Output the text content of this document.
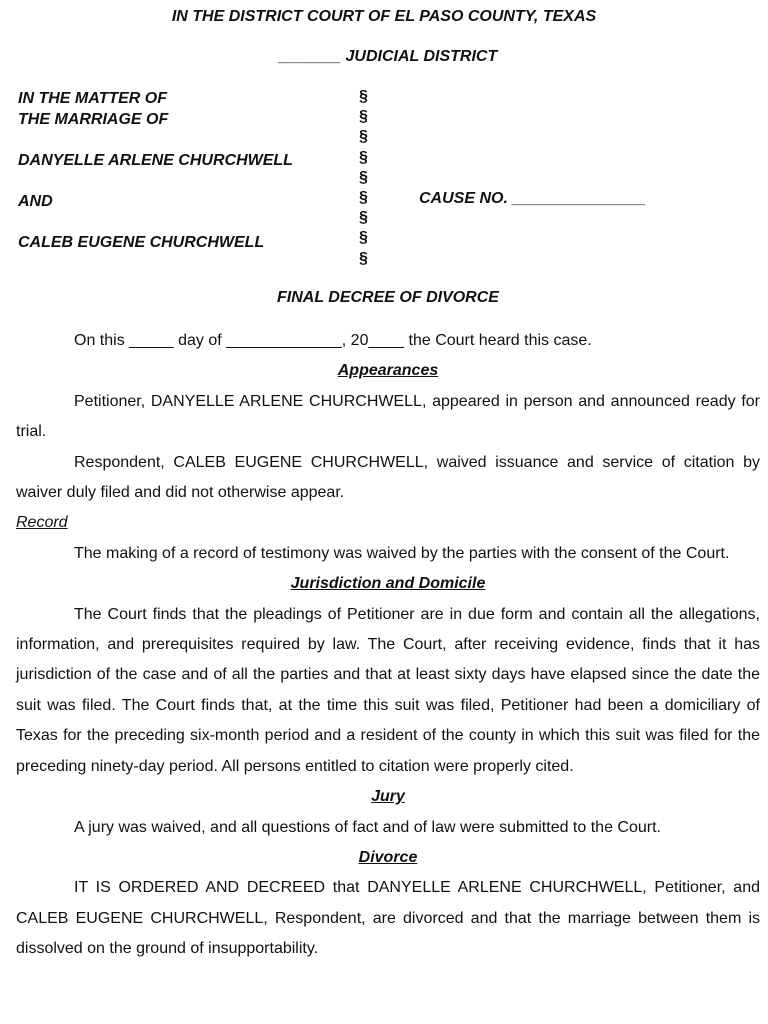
IN THE DISTRICT COURT OF EL PASO COUNTY, TEXAS
_______ JUDICIAL DISTRICT
IN THE MATTER OF
THE MARRIAGE OF
DANYELLE ARLENE CHURCHWELL
AND
CALEB EUGENE CHURCHWELL
§
§
§
§
§
§
§
§
§
CAUSE NO. _______________
FINAL DECREE OF DIVORCE

On this _____ day of _____________, 20____ the Court heard this case.

Appearances

Petitioner, DANYELLE ARLENE CHURCHWELL, appeared in person and announced ready for trial.

Respondent, CALEB EUGENE CHURCHWELL, waived issuance and service of citation by waiver duly filed and did not otherwise appear.

Record

The making of a record of testimony was waived by the parties with the consent of the Court.

Jurisdiction and Domicile

The Court finds that the pleadings of Petitioner are in due form and contain all the allegations, information, and prerequisites required by law. The Court, after receiving evidence, finds that it has jurisdiction of the case and of all the parties and that at least sixty days have elapsed since the date the suit was filed. The Court finds that, at the time this suit was filed, Petitioner had been a domiciliary of Texas for the preceding six-month period and a resident of the county in which this suit was filed for the preceding ninety-day period. All persons entitled to citation were properly cited.

Jury

A jury was waived, and all questions of fact and of law were submitted to the Court.

Divorce

IT IS ORDERED AND DECREED that DANYELLE ARLENE CHURCHWELL, Petitioner, and CALEB EUGENE CHURCHWELL, Respondent, are divorced and that the marriage between them is dissolved on the ground of insupportability.
